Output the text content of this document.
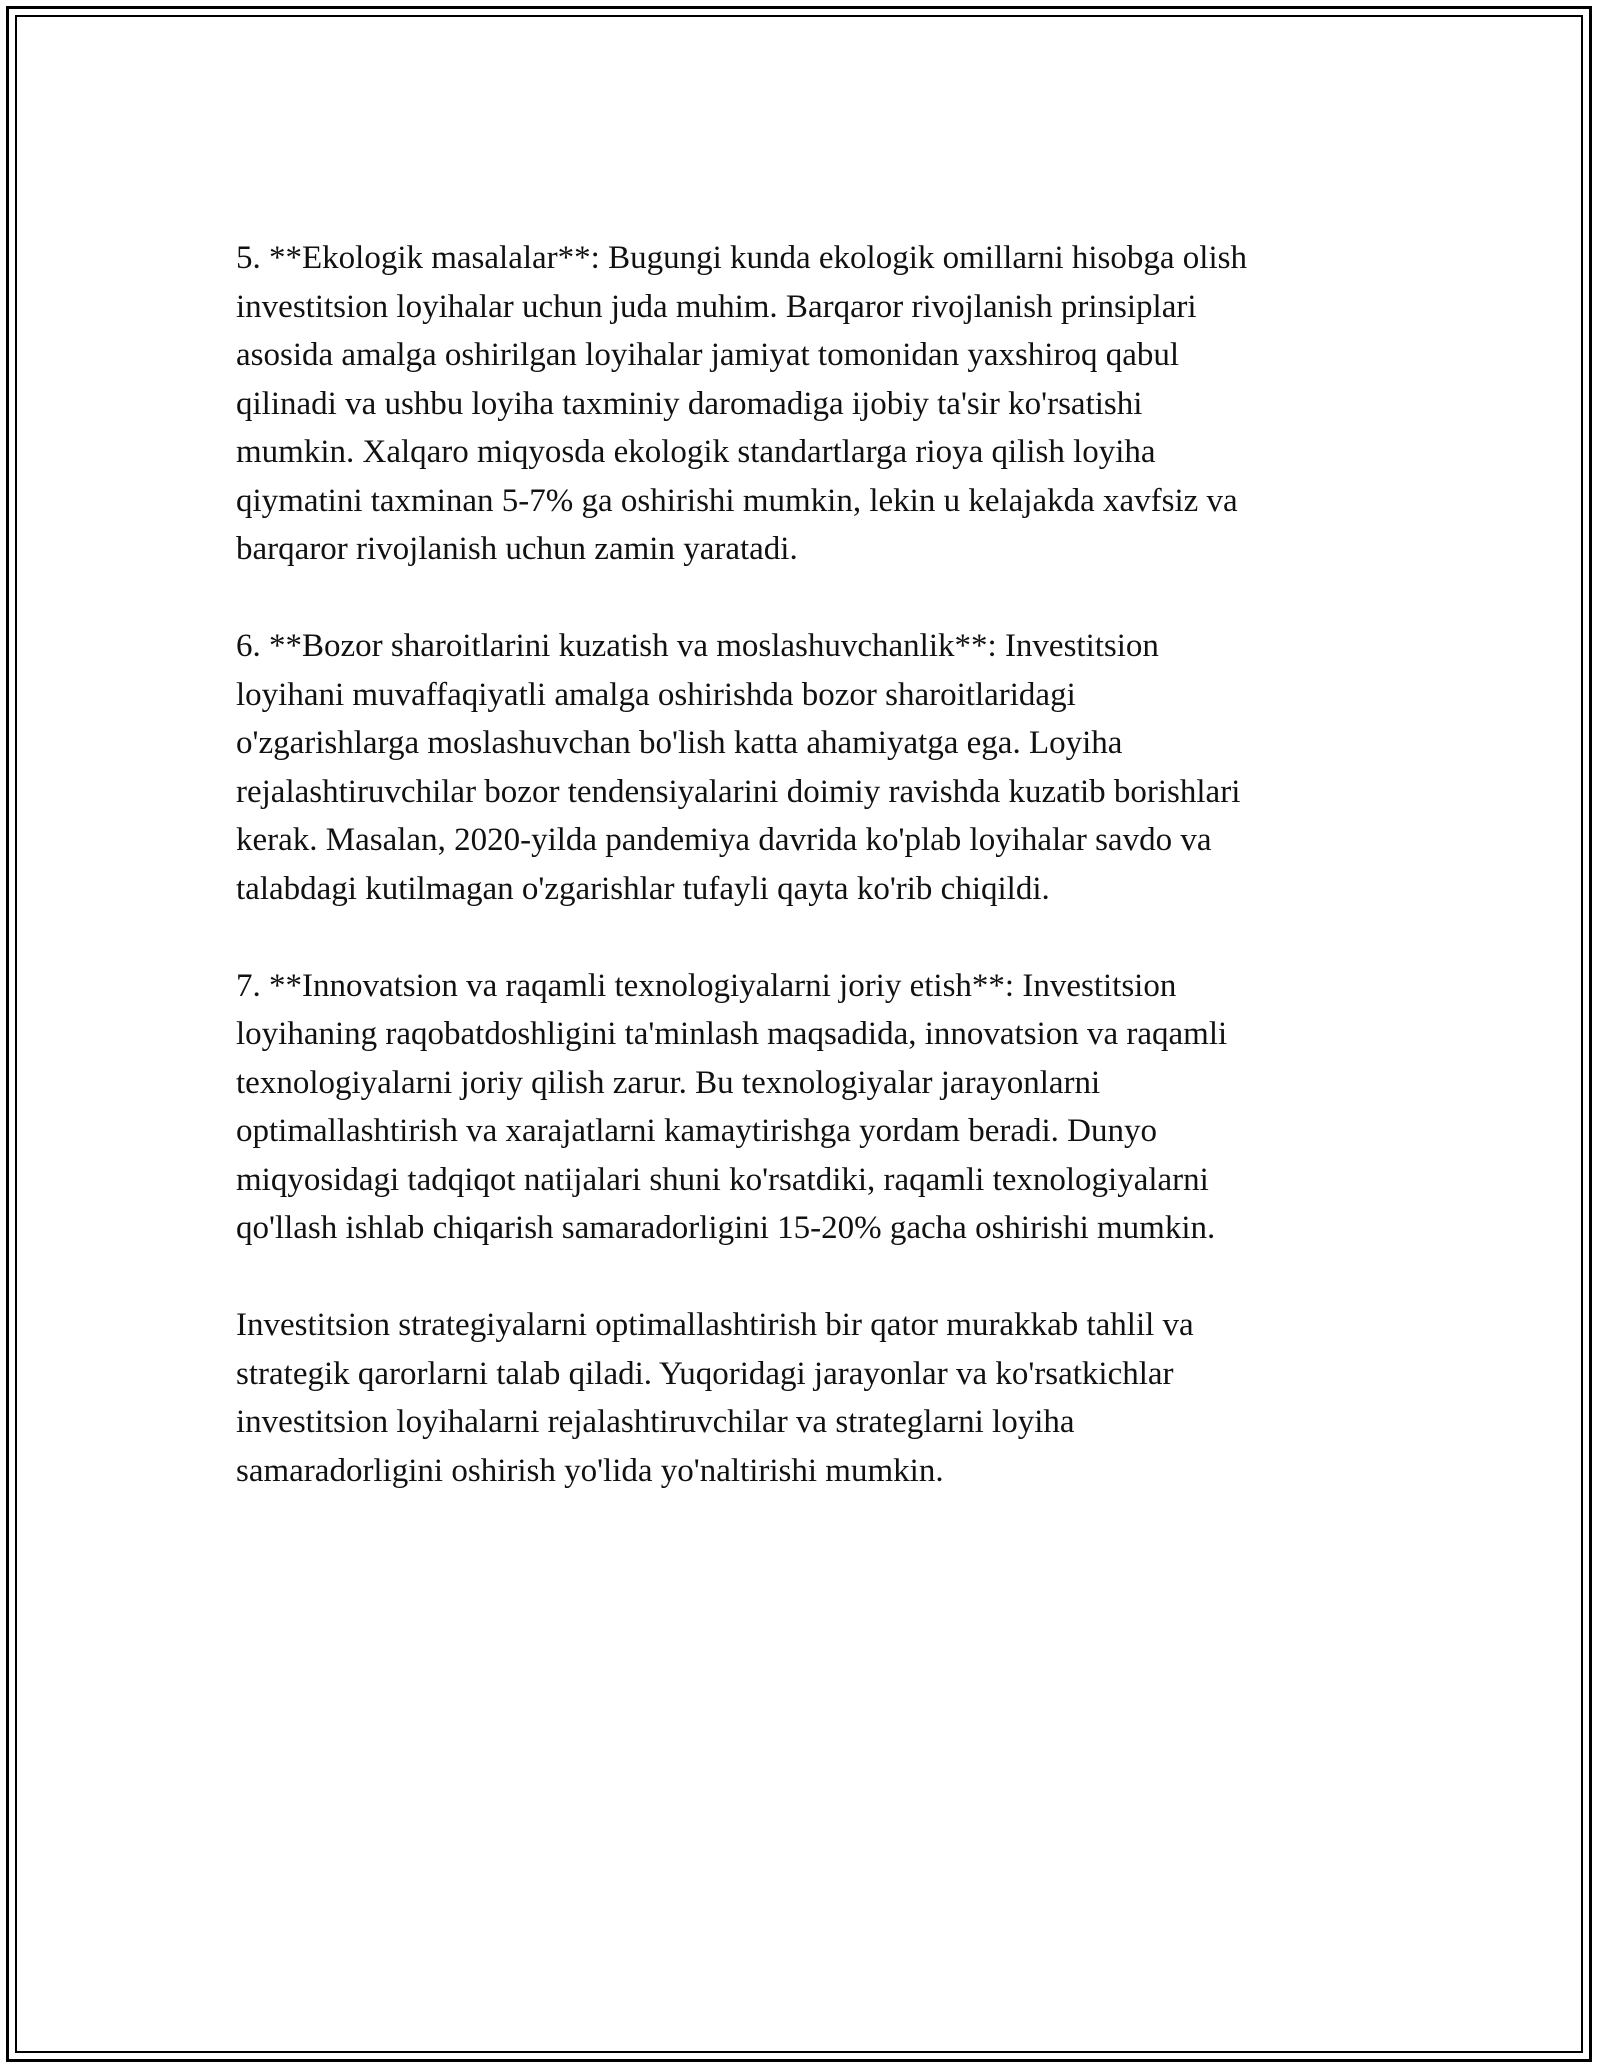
5. **Ekologik masalalar**: Bugungi kunda ekologik omillarni hisobga olish
investitsion loyihalar uchun juda muhim. Barqaror rivojlanish prinsiplari
asosida amalga oshirilgan loyihalar jamiyat tomonidan yaxshiroq qabul
qilinadi va ushbu loyiha taxminiy daromadiga ijobiy ta'sir ko'rsatishi
mumkin. Xalqaro miqyosda ekologik standartlarga rioya qilish loyiha
qiymatini taxminan 5-7% ga oshirishi mumkin, lekin u kelajakda xavfsiz va
barqaror rivojlanish uchun zamin yaratadi.

6. **Bozor sharoitlarini kuzatish va moslashuvchanlik**: Investitsion
loyihani muvaffaqiyatli amalga oshirishda bozor sharoitlaridagi
o'zgarishlarga moslashuvchan bo'lish katta ahamiyatga ega. Loyiha
rejalashtiruvchilar bozor tendensiyalarini doimiy ravishda kuzatib borishlari
kerak. Masalan, 2020-yilda pandemiya davrida ko'plab loyihalar savdo va
talabdagi kutilmagan o'zgarishlar tufayli qayta ko'rib chiqildi.

7. **Innovatsion va raqamli texnologiyalarni joriy etish**: Investitsion
loyihaning raqobatdoshligini ta'minlash maqsadida, innovatsion va raqamli
texnologiyalarni joriy qilish zarur. Bu texnologiyalar jarayonlarni
optimallashtirish va xarajatlarni kamaytirishga yordam beradi. Dunyo
miqyosidagi tadqiqot natijalari shuni ko'rsatdiki, raqamli texnologiyalarni
qo'llash ishlab chiqarish samaradorligini 15-20% gacha oshirishi mumkin.

Investitsion strategiyalarni optimallashtirish bir qator murakkab tahlil va
strategik qarorlarni talab qiladi. Yuqoridagi jarayonlar va ko'rsatkichlar
investitsion loyihalarni rejalashtiruvchilar va strateglarni loyiha
samaradorligini oshirish yo'lida yo'naltirishi mumkin.
